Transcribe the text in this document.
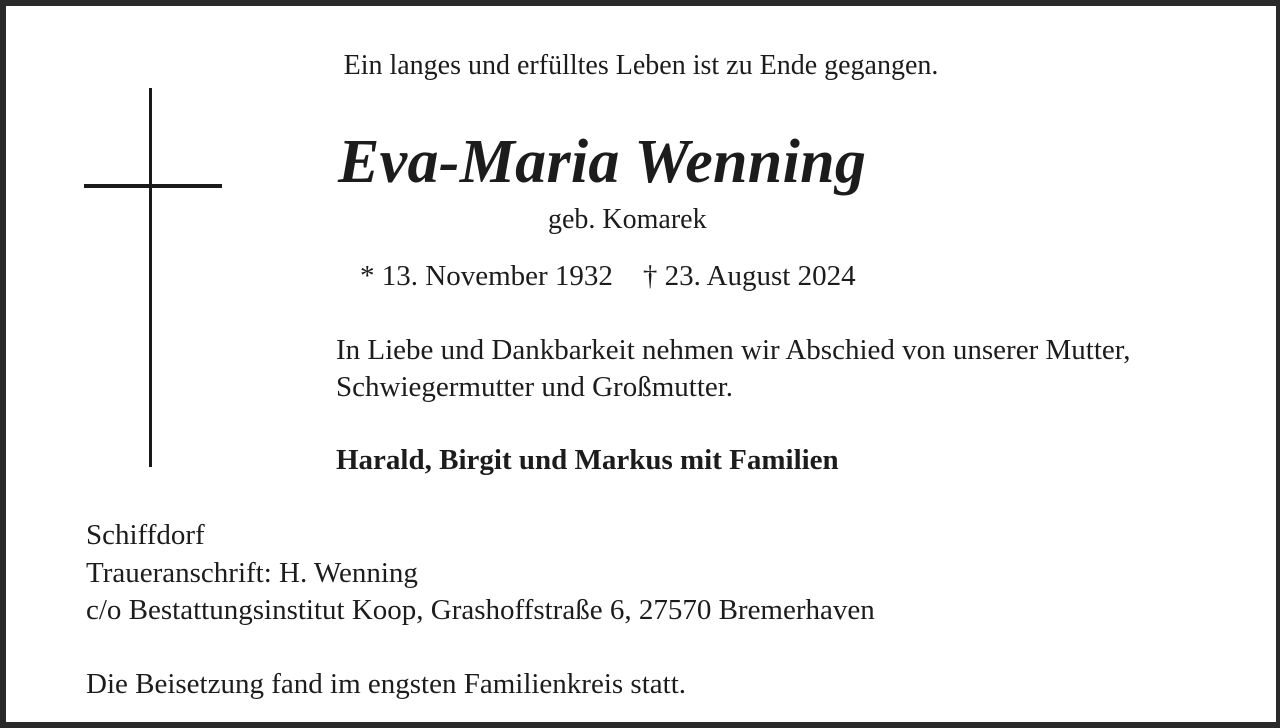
Ein langes und erfülltes Leben ist zu Ende gegangen.
Eva-Maria Wenning
geb. Komarek
* 13. November 1932 † 23. August 2024
In Liebe und Dankbarkeit nehmen wir Abschied von unserer Mutter,
Schwiegermutter und Großmutter.
Harald, Birgit und Markus mit Familien
Schiffdorf
Traueranschrift: H. Wenning
c/o Bestattungsinstitut Koop, Grashoffstraße 6, 27570 Bremerhaven
Die Beisetzung fand im engsten Familienkreis statt.
